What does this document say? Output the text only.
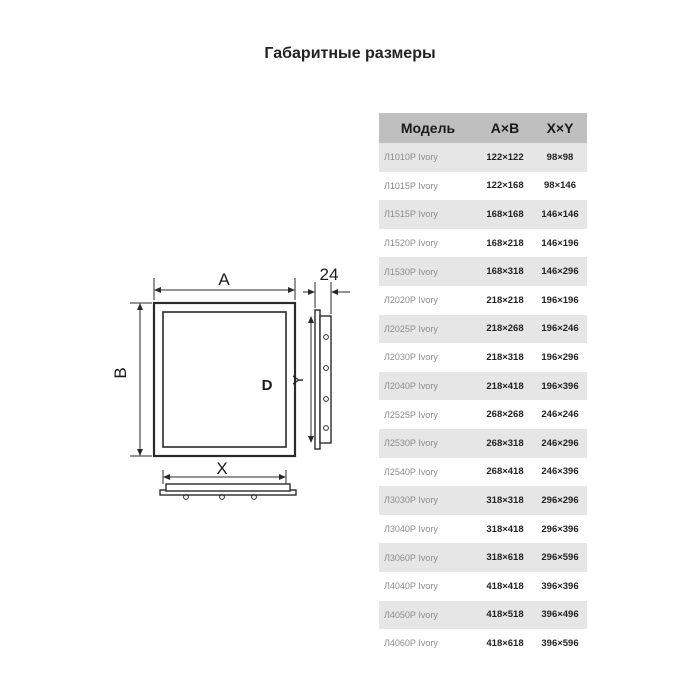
Габаритные размеры
D
A
B
Y
24
X
Модель	A×B	X×Y
Л1010Р Ivory	122×122	98×98
Л1015Р Ivory	122×168	98×146
Л1515Р Ivory	168×168	146×146
Л1520Р Ivory	168×218	146×196
Л1530Р Ivory	168×318	146×296
Л2020Р Ivory	218×218	196×196
Л2025Р Ivory	218×268	196×246
Л2030Р Ivory	218×318	196×296
Л2040Р Ivory	218×418	196×396
Л2525Р Ivory	268×268	246×246
Л2530Р Ivory	268×318	246×296
Л2540Р Ivory	268×418	246×396
Л3030Р Ivory	318×318	296×296
Л3040Р Ivory	318×418	296×396
Л3060Р Ivory	318×618	296×596
Л4040Р Ivory	418×418	396×396
Л4050Р Ivory	418×518	396×496
Л4060Р Ivory	418×618	396×596
